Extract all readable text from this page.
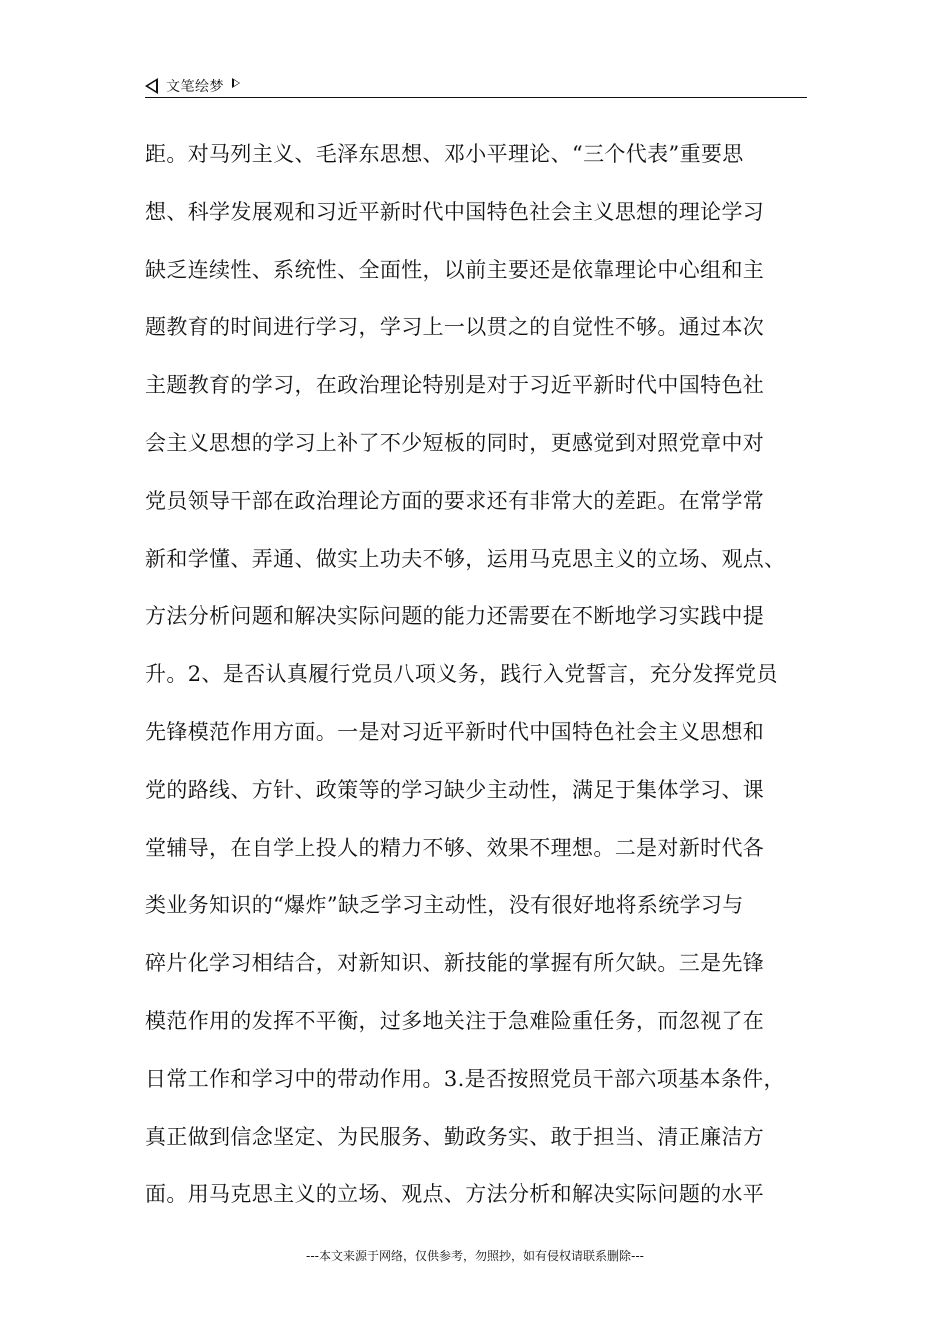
文笔绘梦
距。对马列主义、毛泽东思想、邓小平理论、“三个代表”重要思
想、科学发展观和习近平新时代中国特色社会主义思想的理论学习
缺乏连续性、系统性、全面性，以前主要还是依靠理论中心组和主
题教育的时间进行学习，学习上一以贯之的自觉性不够。通过本次
主题教育的学习，在政治理论特别是对于习近平新时代中国特色社
会主义思想的学习上补了不少短板的同时，更感觉到对照党章中对
党员领导干部在政治理论方面的要求还有非常大的差距。在常学常
新和学懂、弄通、做实上功夫不够，运用马克思主义的立场、观点、
方法分析问题和解决实际问题的能力还需要在不断地学习实践中提
升。2、是否认真履行党员八项义务，践行入党誓言，充分发挥党员
先锋模范作用方面。一是对习近平新时代中国特色社会主义思想和
党的路线、方针、政策等的学习缺少主动性，满足于集体学习、课
堂辅导，在自学上投人的精力不够、效果不理想。二是对新时代各
类业务知识的“爆炸”缺乏学习主动性，没有很好地将系统学习与
碎片化学习相结合，对新知识、新技能的掌握有所欠缺。三是先锋
模范作用的发挥不平衡，过多地关注于急难险重任务，而忽视了在
日常工作和学习中的带动作用。3.是否按照党员干部六项基本条件，
真正做到信念坚定、为民服务、勤政务实、敢于担当、清正廉洁方
面。用马克思主义的立场、观点、方法分析和解决实际问题的水平
---本文来源于网络，仅供参考，勿照抄，如有侵权请联系删除---
